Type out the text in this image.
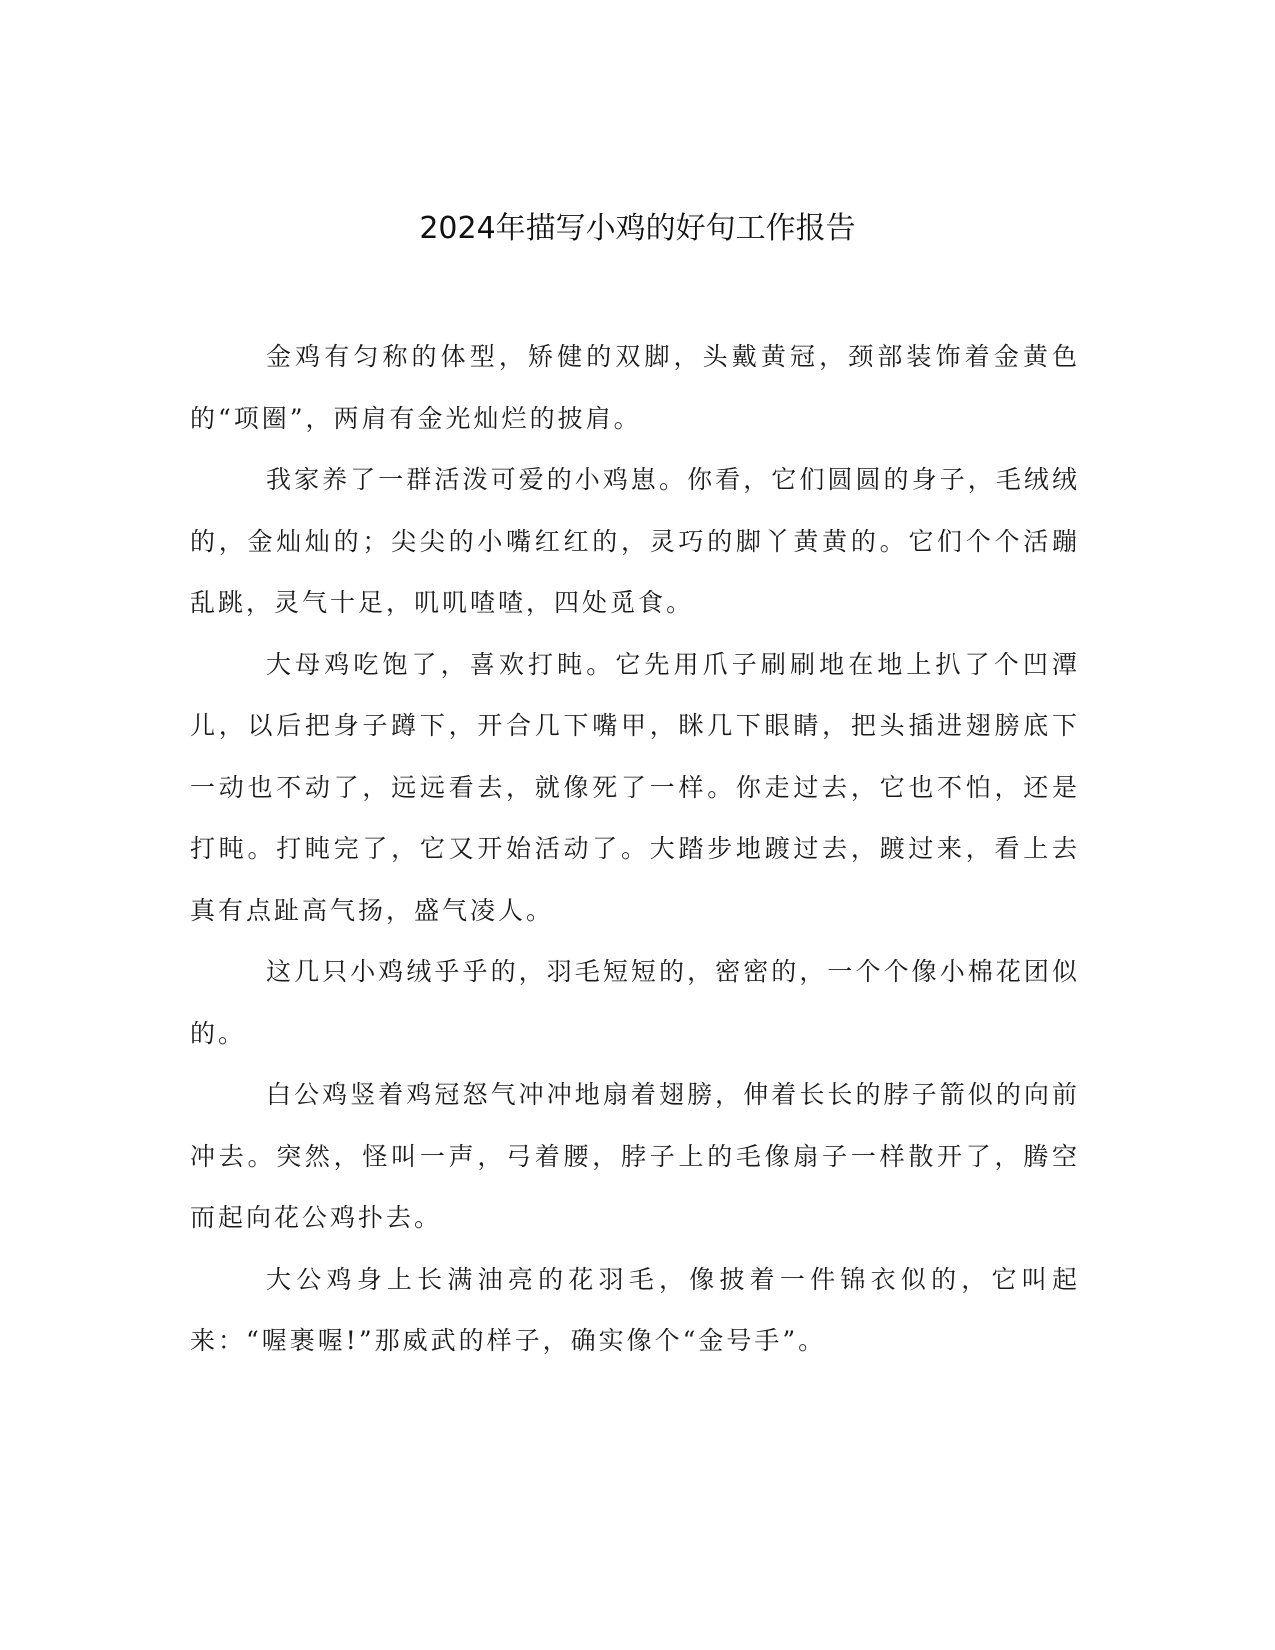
2024年描写小鸡的好句工作报告

金鸡有匀称的体型，矫健的双脚，头戴黄冠，颈部装饰着金黄色的“项圈”，两肩有金光灿烂的披肩。

我家养了一群活泼可爱的小鸡崽。你看，它们圆圆的身子，毛绒绒的，金灿灿的；尖尖的小嘴红红的，灵巧的脚丫黄黄的。它们个个活蹦乱跳，灵气十足，叽叽喳喳，四处觅食。

大母鸡吃饱了，喜欢打盹。它先用爪子刷刷地在地上扒了个凹潭儿，以后把身子蹲下，开合几下嘴甲，眯几下眼睛，把头插进翅膀底下一动也不动了，远远看去，就像死了一样。你走过去，它也不怕，还是打盹。打盹完了，它又开始活动了。大踏步地踱过去，踱过来，看上去真有点趾高气扬，盛气凌人。

这几只小鸡绒乎乎的，羽毛短短的，密密的，一个个像小棉花团似的。

白公鸡竖着鸡冠怒气冲冲地扇着翅膀，伸着长长的脖子箭似的向前冲去。突然，怪叫一声，弓着腰，脖子上的毛像扇子一样散开了，腾空而起向花公鸡扑去。

大公鸡身上长满油亮的花羽毛，像披着一件锦衣似的，它叫起来：“喔裹喔!”那威武的样子，确实像个“金号手”。
